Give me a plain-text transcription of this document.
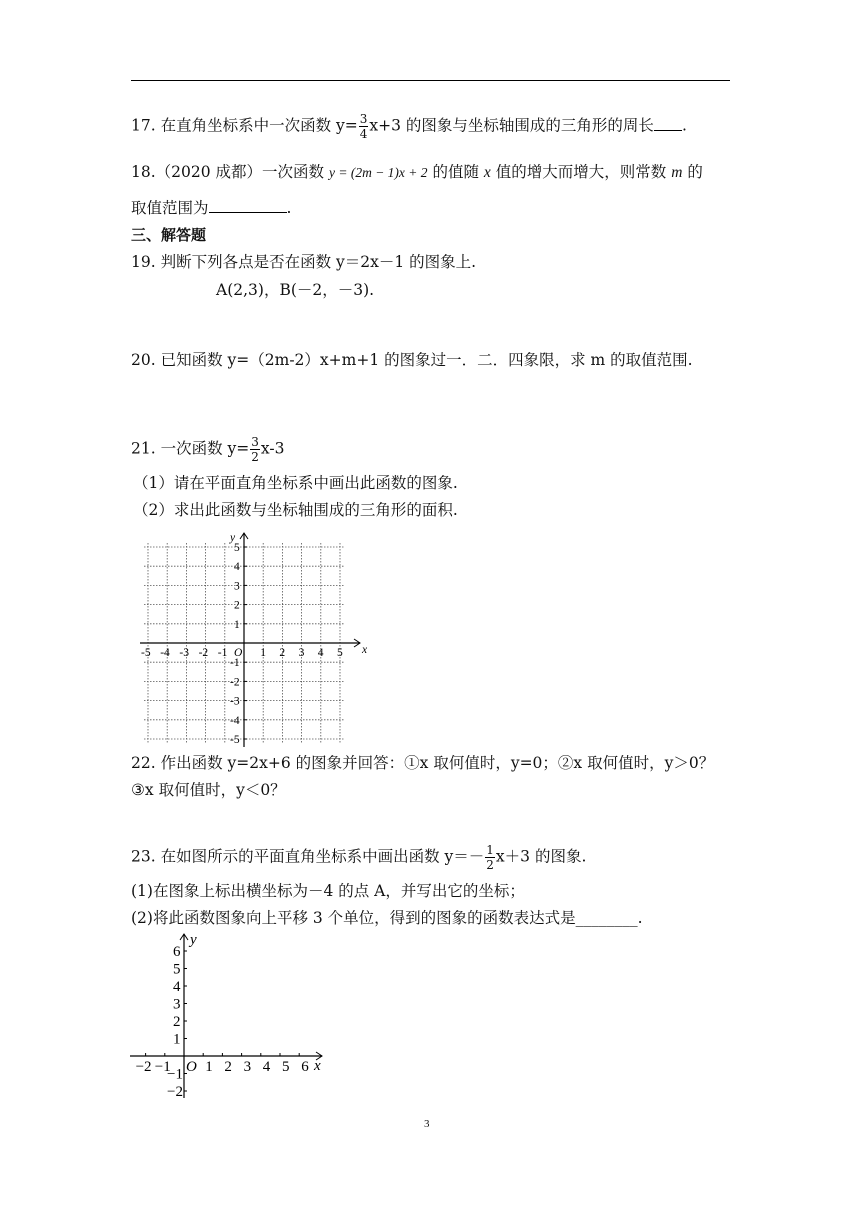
17. 在直角坐标系中一次函数 $y= \frac{3}{4} x+3$ 的图象与坐标轴围成的三角形的周长 .
18.（2020 成都）一次函数 y = (2m − 1)x + 2 的值随 x 值的增大而增大，则常数 m 的
取值范围为	.
三、解答题
19. 判断下列各点是否在函数 y＝2x－1 的图象上.
A(2,3)，B(－2，－3).
20. 已知函数 y=（2m-2）x+m+1 的图象过一．二．四象限，求 m 的取值范围.
21. 一次函数 $y= \frac{3}{2} x-3$
（1）请在平面直角坐标系中画出此函数的图象.
（2）求出此函数与坐标轴围成的三角形的面积.
x
y
O
-5 -4 -3 -2 -1	1 2 3 4 5
5
4
3
2
1
-1
-2
-3
-4
-5
22. 作出函数 y=2x+6 的图象并回答：①x 取何值时，y=0；②x 取何值时，y＞0？
③x 取何值时，y＜0？
23. 在如图所示的平面直角坐标系中画出函数 $y=- \frac{1}{2} x+3$ 的图象.
(1)在图象上标出横坐标为－4 的点 A，并写出它的坐标；
(2)将此函数图象向上平移 3 个单位，得到的图象的函数表达式是________.
x
y
O
−2 −1 1 2 3 4 5 6
6
5
4
3
2
1
−1
−2
3
